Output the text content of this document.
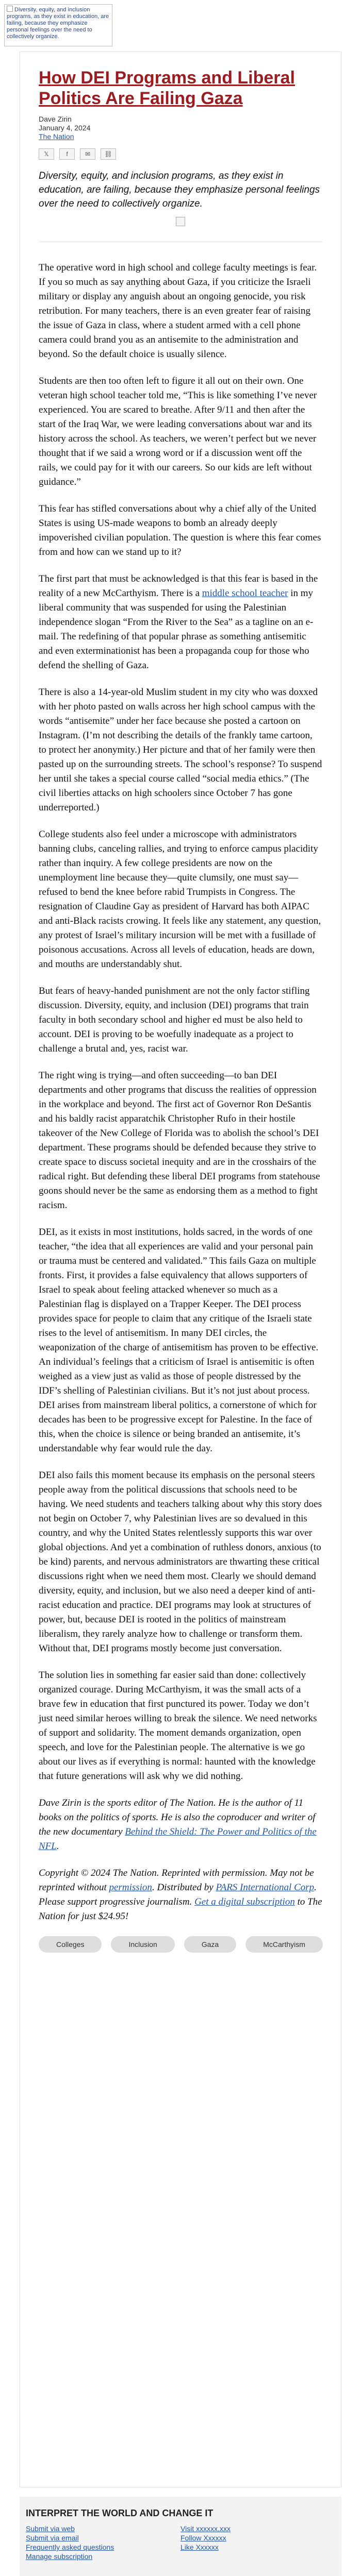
Diversity, equity, and inclusion programs, as they exist in education, are failing, because they emphasize personal feelings over the need to collectively organize.
How DEI Programs and Liberal Politics Are Failing Gaza
Dave Zirin
January 4, 2024
The Nation
𝕏	f	✉	⛓

Diversity, equity, and inclusion programs, as they exist in education, are failing, because they emphasize personal feelings over the need to collectively organize.

The operative word in high school and college faculty meetings is fear. If you so much as say anything about Gaza, if you criticize the Israeli military or display any anguish about an ongoing genocide, you risk retribution. For many teachers, there is an even greater fear of raising the issue of Gaza in class, where a student armed with a cell phone camera could brand you as an antisemite to the administration and beyond. So the default choice is usually silence.

Students are then too often left to figure it all out on their own. One veteran high school teacher told me, “This is like something I’ve never experienced. You are scared to breathe. After 9/11 and then after the start of the Iraq War, we were leading conversations about war and its history across the school. As teachers, we weren’t perfect but we never thought that if we said a wrong word or if a discussion went off the rails, we could pay for it with our careers. So our kids are left without guidance.”

This fear has stifled conversations about why a chief ally of the United States is using US-made weapons to bomb an already deeply impoverished civilian population. The question is where this fear comes from and how can we stand up to it?

The first part that must be acknowledged is that this fear is based in the reality of a new McCarthyism. There is a middle school teacher in my liberal community that was suspended for using the Palestinian independence slogan “From the River to the Sea” as a tagline on an e-mail. The redefining of that popular phrase as something antisemitic and even exterminationist has been a propaganda coup for those who defend the shelling of Gaza.

There is also a 14-year-old Muslim student in my city who was doxxed with her photo pasted on walls across her high school campus with the words “antisemite” under her face because she posted a cartoon on Instagram. (I’m not describing the details of the frankly tame cartoon, to protect her anonymity.) Her picture and that of her family were then pasted up on the surrounding streets. The school’s response? To suspend her until she takes a special course called “social media ethics.” (The civil liberties attacks on high schoolers since October 7 has gone underreported.)

College students also feel under a microscope with administrators banning clubs, canceling rallies, and trying to enforce campus placidity rather than inquiry. A few college presidents are now on the unemployment line because they—quite clumsily, one must say—refused to bend the knee before rabid Trumpists in Congress. The resignation of Claudine Gay as president of Harvard has both AIPAC and anti-Black racists crowing. It feels like any statement, any question, any protest of Israel’s military incursion will be met with a fusillade of poisonous accusations. Across all levels of education, heads are down, and mouths are understandably shut.

But fears of heavy-handed punishment are not the only factor stifling discussion. Diversity, equity, and inclusion (DEI) programs that train faculty in both secondary school and higher ed must be also held to account. DEI is proving to be woefully inadequate as a project to challenge a brutal and, yes, racist war.

The right wing is trying—and often succeeding—to ban DEI departments and other programs that discuss the realities of oppression in the workplace and beyond. The first act of Governor Ron DeSantis and his baldly racist apparatchik Christopher Rufo in their hostile takeover of the New College of Florida was to abolish the school’s DEI department. These programs should be defended because they strive to create space to discuss societal inequity and are in the crosshairs of the radical right. But defending these liberal DEI programs from statehouse goons should never be the same as endorsing them as a method to fight racism.

DEI, as it exists in most institutions, holds sacred, in the words of one teacher, “the idea that all experiences are valid and your personal pain or trauma must be centered and validated.” This fails Gaza on multiple fronts. First, it provides a false equivalency that allows supporters of Israel to speak about feeling attacked whenever so much as a Palestinian flag is displayed on a Trapper Keeper. The DEI process provides space for people to claim that any critique of the Israeli state rises to the level of antisemitism. In many DEI circles, the weaponization of the charge of antisemitism has proven to be effective. An individual’s feelings that a criticism of Israel is antisemitic is often weighed as a view just as valid as those of people distressed by the IDF’s shelling of Palestinian civilians. But it’s not just about process. DEI arises from mainstream liberal politics, a cornerstone of which for decades has been to be progressive except for Palestine. In the face of this, when the choice is silence or being branded an antisemite, it’s understandable why fear would rule the day.

DEI also fails this moment because its emphasis on the personal steers people away from the political discussions that schools need to be having. We need students and teachers talking about why this story does not begin on October 7, why Palestinian lives are so devalued in this country, and why the United States relentlessly supports this war over global objections. And yet a combination of ruthless donors, anxious (to be kind) parents, and nervous administrators are thwarting these critical discussions right when we need them most. Clearly we should demand diversity, equity, and inclusion, but we also need a deeper kind of anti-racist education and practice. DEI programs may look at structures of power, but, because DEI is rooted in the politics of mainstream liberalism, they rarely analyze how to challenge or transform them. Without that, DEI programs mostly become just conversation.

The solution lies in something far easier said than done: collectively organized courage. During McCarthyism, it was the small acts of a brave few in education that first punctured its power. Today we don’t just need similar heroes willing to break the silence. We need networks of support and solidarity. The moment demands organization, open speech, and love for the Palestinian people. The alternative is we go about our lives as if everything is normal: haunted with the knowledge that future generations will ask why we did nothing.

Dave Zirin is the sports editor of The Nation. He is the author of 11 books on the politics of sports. He is also the coproducer and writer of the new documentary Behind the Shield: The Power and Politics of the NFL.

Copyright © 2024 The Nation. Reprinted with permission. May not be reprinted without permission. Distributed by PARS International Corp. Please support progressive journalism. Get a digital subscription to The Nation for just $24.95!

Colleges	Inclusion	Gaza	McCarthyism
INTERPRET THE WORLD AND CHANGE IT
Submit via web
Submit via email
Frequently asked questions
Manage subscription
Visit xxxxxx.xxx
Follow Xxxxxx
Like Xxxxxx
